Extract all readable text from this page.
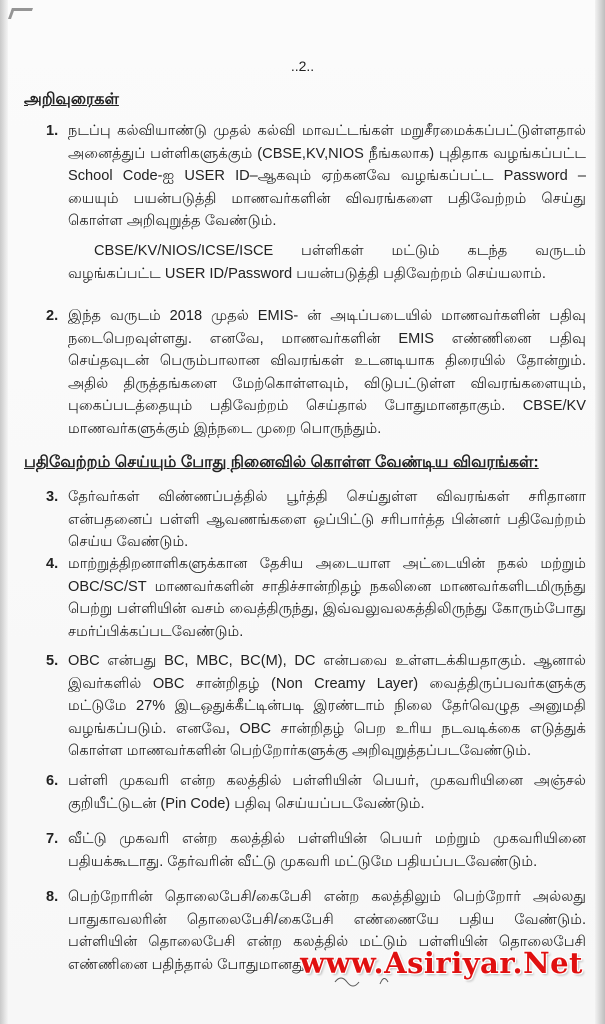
..2..
அறிவுரைகள்
1. நடப்பு கல்வியாண்டு முதல் கல்வி மாவட்டங்கள் மறுசீரமைக்கப்பட்டுள்ளதால் அனைத்துப் பள்ளிகளுக்கும் (CBSE,KV,NIOS நீங்கலாக) புதிதாக வழங்கப்பட்ட School Code-ஐ USER ID–ஆகவும் ஏற்கனவே வழங்கப்பட்ட Password –யையும் பயன்படுத்தி மாணவர்களின் விவரங்களை பதிவேற்றம் செய்து கொள்ள அறிவுறுத்த வேண்டும்.
CBSE/KV/NIOS/ICSE/ISCE பள்ளிகள் மட்டும் கடந்த வருடம் வழங்கப்பட்ட USER ID/Password பயன்படுத்தி பதிவேற்றம் செய்யலாம்.
2. இந்த வருடம் 2018 முதல் EMIS- ன் அடிப்படையில் மாணவர்களின் பதிவு நடைபெறவுள்ளது. எனவே, மாணவர்களின் EMIS எண்ணினை பதிவு செய்தவுடன் பெரும்பாலான விவரங்கள் உடனடியாக திரையில் தோன்றும். அதில் திருத்தங்களை மேற்கொள்ளவும், விடுபட்டுள்ள விவரங்களையும், புகைப்படத்தையும் பதிவேற்றம் செய்தால் போதுமானதாகும். CBSE/KV மாணவர்களுக்கும் இந்நடை முறை பொருந்தும்.
பதிவேற்றம் செய்யும் போது நினைவில் கொள்ள வேண்டிய விவரங்கள்:
3. தேர்வர்கள் விண்ணப்பத்தில் பூர்த்தி செய்துள்ள விவரங்கள் சரிதானா என்பதனைப் பள்ளி ஆவணங்களை ஒப்பிட்டு சரிபார்த்த பின்னர் பதிவேற்றம் செய்ய வேண்டும்.
4. மாற்றுத்திறனாளிகளுக்கான தேசிய அடையாள அட்டையின் நகல் மற்றும் OBC/SC/ST மாணவர்களின் சாதிச்சான்றிதழ் நகலினை மாணவர்களிடமிருந்து பெற்று பள்ளியின் வசம் வைத்திருந்து, இவ்வலுவலகத்திலிருந்து கோரும்போது சமர்ப்பிக்கப்படவேண்டும்.
5. OBC என்பது BC, MBC, BC(M), DC என்பவை உள்ளடக்கியதாகும். ஆனால் இவர்களில் OBC சான்றிதழ் (Non Creamy Layer) வைத்திருப்பவர்களுக்கு மட்டுமே 27% இடஒதுக்கீட்டின்படி இரண்டாம் நிலை தேர்வெழுத அனுமதி வழங்கப்படும். எனவே, OBC சான்றிதழ் பெற உரிய நடவடிக்கை எடுத்துக் கொள்ள மாணவர்களின் பெற்றோர்களுக்கு அறிவுறுத்தப்படவேண்டும்.
6. பள்ளி முகவரி என்ற கலத்தில் பள்ளியின் பெயர், முகவரியினை அஞ்சல் குறியீட்டுடன் (Pin Code) பதிவு செய்யப்படவேண்டும்.
7. வீட்டு முகவரி என்ற கலத்தில் பள்ளியின் பெயர் மற்றும் முகவரியினை பதியக்கூடாது. தேர்வரின் வீட்டு முகவரி மட்டுமே பதியப்படவேண்டும்.
8. பெற்றோரின் தொலைபேசி/கைபேசி என்ற கலத்திலும் பெற்றோர் அல்லது பாதுகாவலரின் தொலைபேசி/கைபேசி எண்ணையே பதிய வேண்டும். பள்ளியின் தொலைபேசி என்ற கலத்தில் மட்டும் பள்ளியின் தொலைபேசி எண்ணினை பதிந்தால் போதுமானது.
www.Asiriyar.Net
